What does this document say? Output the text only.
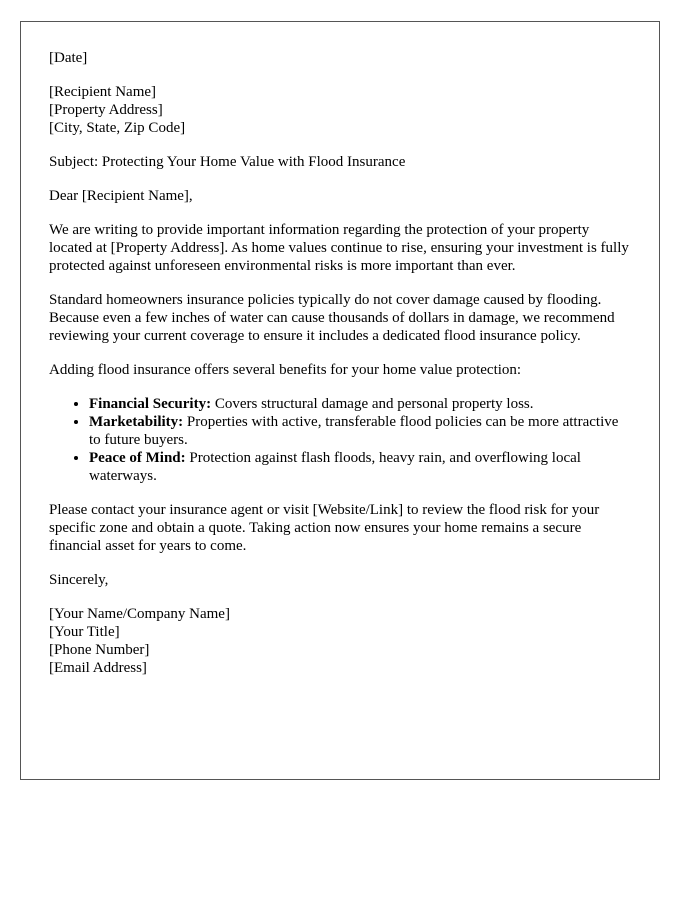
[Date]
[Recipient Name]
[Property Address]
[City, State, Zip Code]

Subject: Protecting Your Home Value with Flood Insurance

Dear [Recipient Name],

We are writing to provide important information regarding the protection of your property located at [Property Address]. As home values continue to rise, ensuring your investment is fully protected against unforeseen environmental risks is more important than ever.

Standard homeowners insurance policies typically do not cover damage caused by flooding. Because even a few inches of water can cause thousands of dollars in damage, we recommend reviewing your current coverage to ensure it includes a dedicated flood insurance policy.

Adding flood insurance offers several benefits for your home value protection:

• Financial Security: Covers structural damage and personal property loss.
• Marketability: Properties with active, transferable flood policies can be more attractive to future buyers.
• Peace of Mind: Protection against flash floods, heavy rain, and overflowing local waterways.

Please contact your insurance agent or visit [Website/Link] to review the flood risk for your specific zone and obtain a quote. Taking action now ensures your home remains a secure financial asset for years to come.

Sincerely,

[Your Name/Company Name]
[Your Title]
[Phone Number]
[Email Address]
